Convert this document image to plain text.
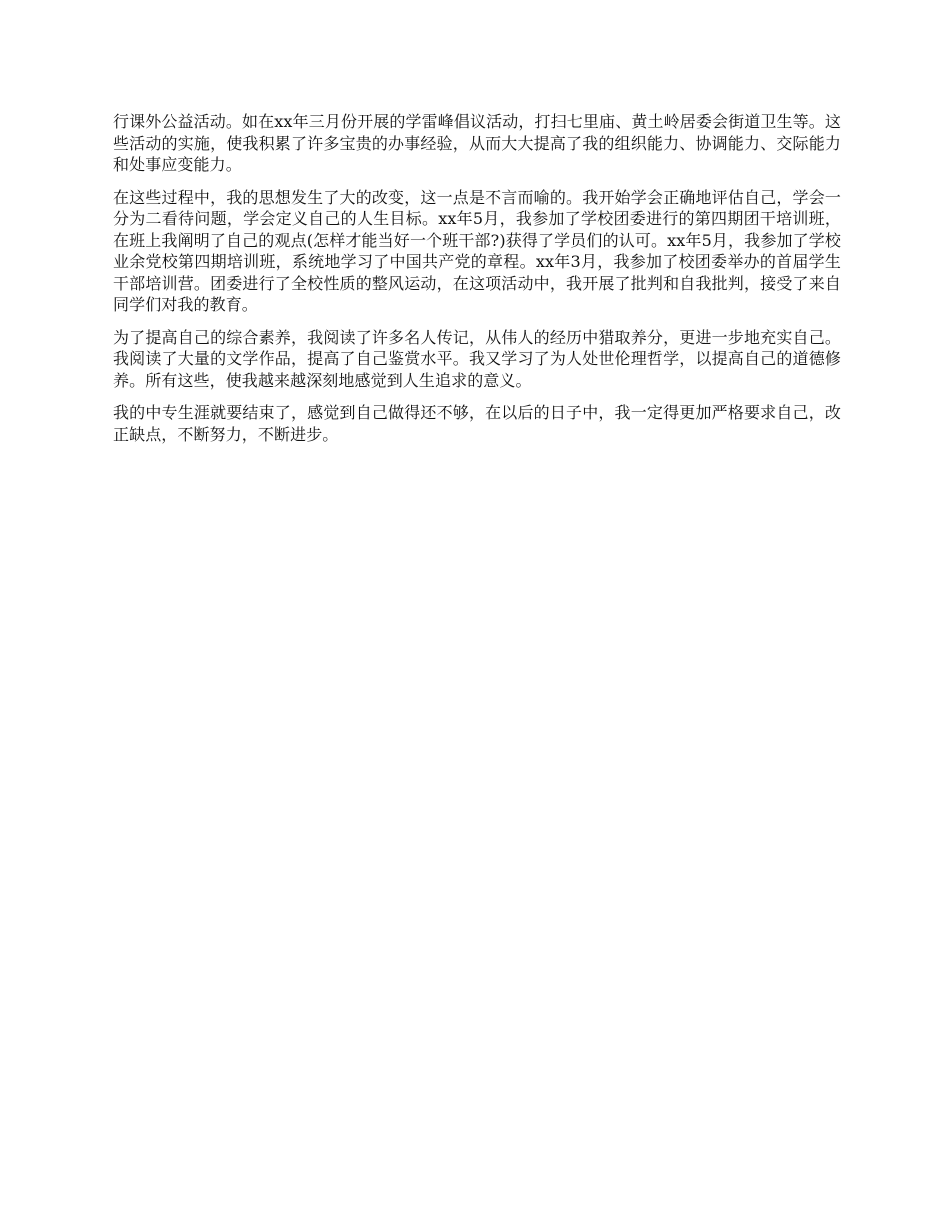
行课外公益活动。如在xx年三月份开展的学雷峰倡议活动，打扫七里庙、黄土岭居委会街道卫生等。这些活动的实施，使我积累了许多宝贵的办事经验，从而大大提高了我的组织能力、协调能力、交际能力和处事应变能力。

在这些过程中，我的思想发生了大的改变，这一点是不言而喻的。我开始学会正确地评估自己，学会一分为二看待问题，学会定义自己的人生目标。xx年5月，我参加了学校团委进行的第四期团干培训班，在班上我阐明了自己的观点(怎样才能当好一个班干部?)获得了学员们的认可。xx年5月，我参加了学校业余党校第四期培训班，系统地学习了中国共产党的章程。xx年3月，我参加了校团委举办的首届学生干部培训营。团委进行了全校性质的整风运动，在这项活动中，我开展了批判和自我批判，接受了来自同学们对我的教育。

为了提高自己的综合素养，我阅读了许多名人传记，从伟人的经历中猎取养分，更进一步地充实自己。我阅读了大量的文学作品，提高了自己鉴赏水平。我又学习了为人处世伦理哲学，以提高自己的道德修养。所有这些，使我越来越深刻地感觉到人生追求的意义。

我的中专生涯就要结束了，感觉到自己做得还不够，在以后的日子中，我一定得更加严格要求自己，改正缺点，不断努力，不断进步。
